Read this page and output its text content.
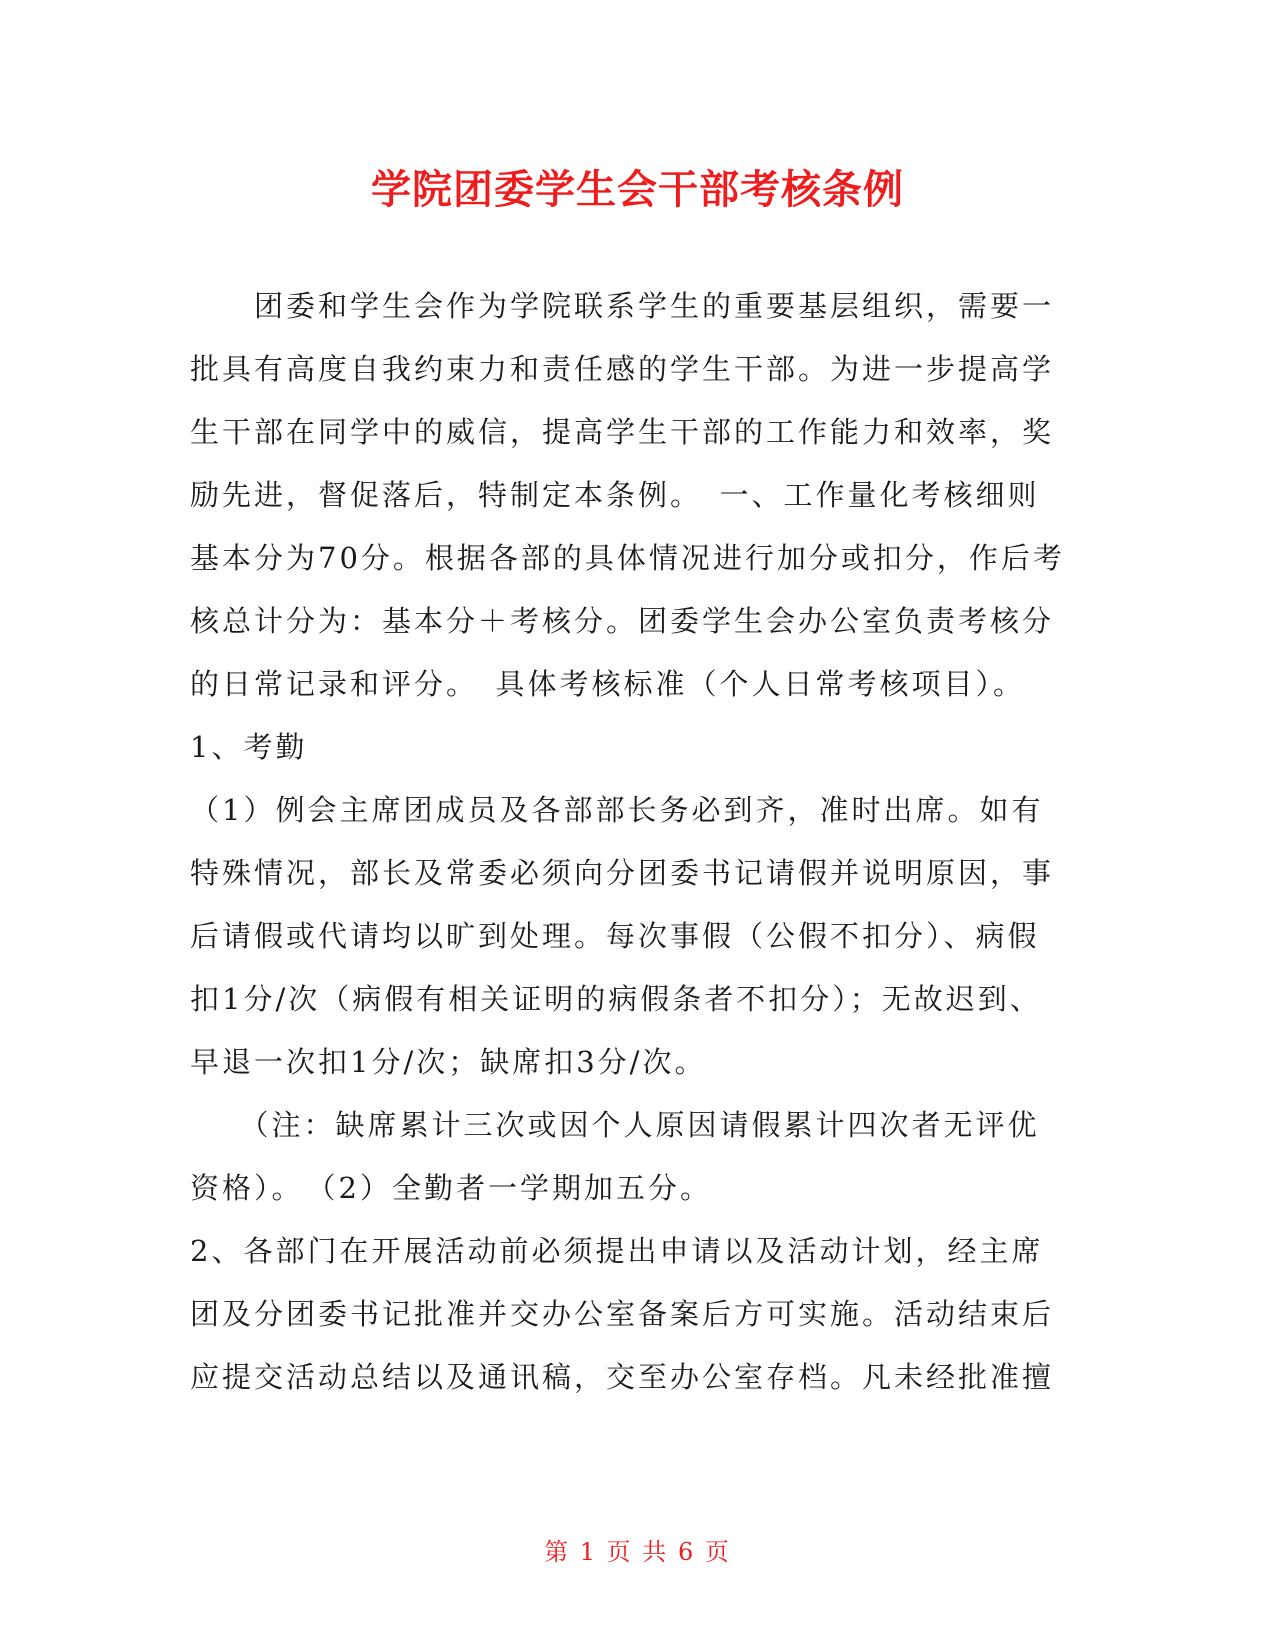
学院团委学生会干部考核条例
　　团委和学生会作为学院联系学生的重要基层组织，需要一
批具有高度自我约束力和责任感的学生干部。为进一步提高学
生干部在同学中的威信，提高学生干部的工作能力和效率，奖
励先进，督促落后，特制定本条例。　一、工作量化考核细则
基本分为70分。根据各部的具体情况进行加分或扣分，作后考
核总计分为：基本分＋考核分。团委学生会办公室负责考核分
的日常记录和评分。　具体考核标准（个人日常考核项目）。
1、考勤
（1）例会主席团成员及各部部长务必到齐，准时出席。如有
特殊情况，部长及常委必须向分团委书记请假并说明原因，事
后请假或代请均以旷到处理。每次事假（公假不扣分）、病假
扣1分/次（病假有相关证明的病假条者不扣分）；无故迟到、
早退一次扣1分/次；缺席扣3分/次。
　　（注：缺席累计三次或因个人原因请假累计四次者无评优
资格）。　（2）全勤者一学期加五分。
2、各部门在开展活动前必须提出申请以及活动计划，经主席
团及分团委书记批准并交办公室备案后方可实施。活动结束后
应提交活动总结以及通讯稿，交至办公室存档。凡未经批准擅
第 1 页 共 6 页
